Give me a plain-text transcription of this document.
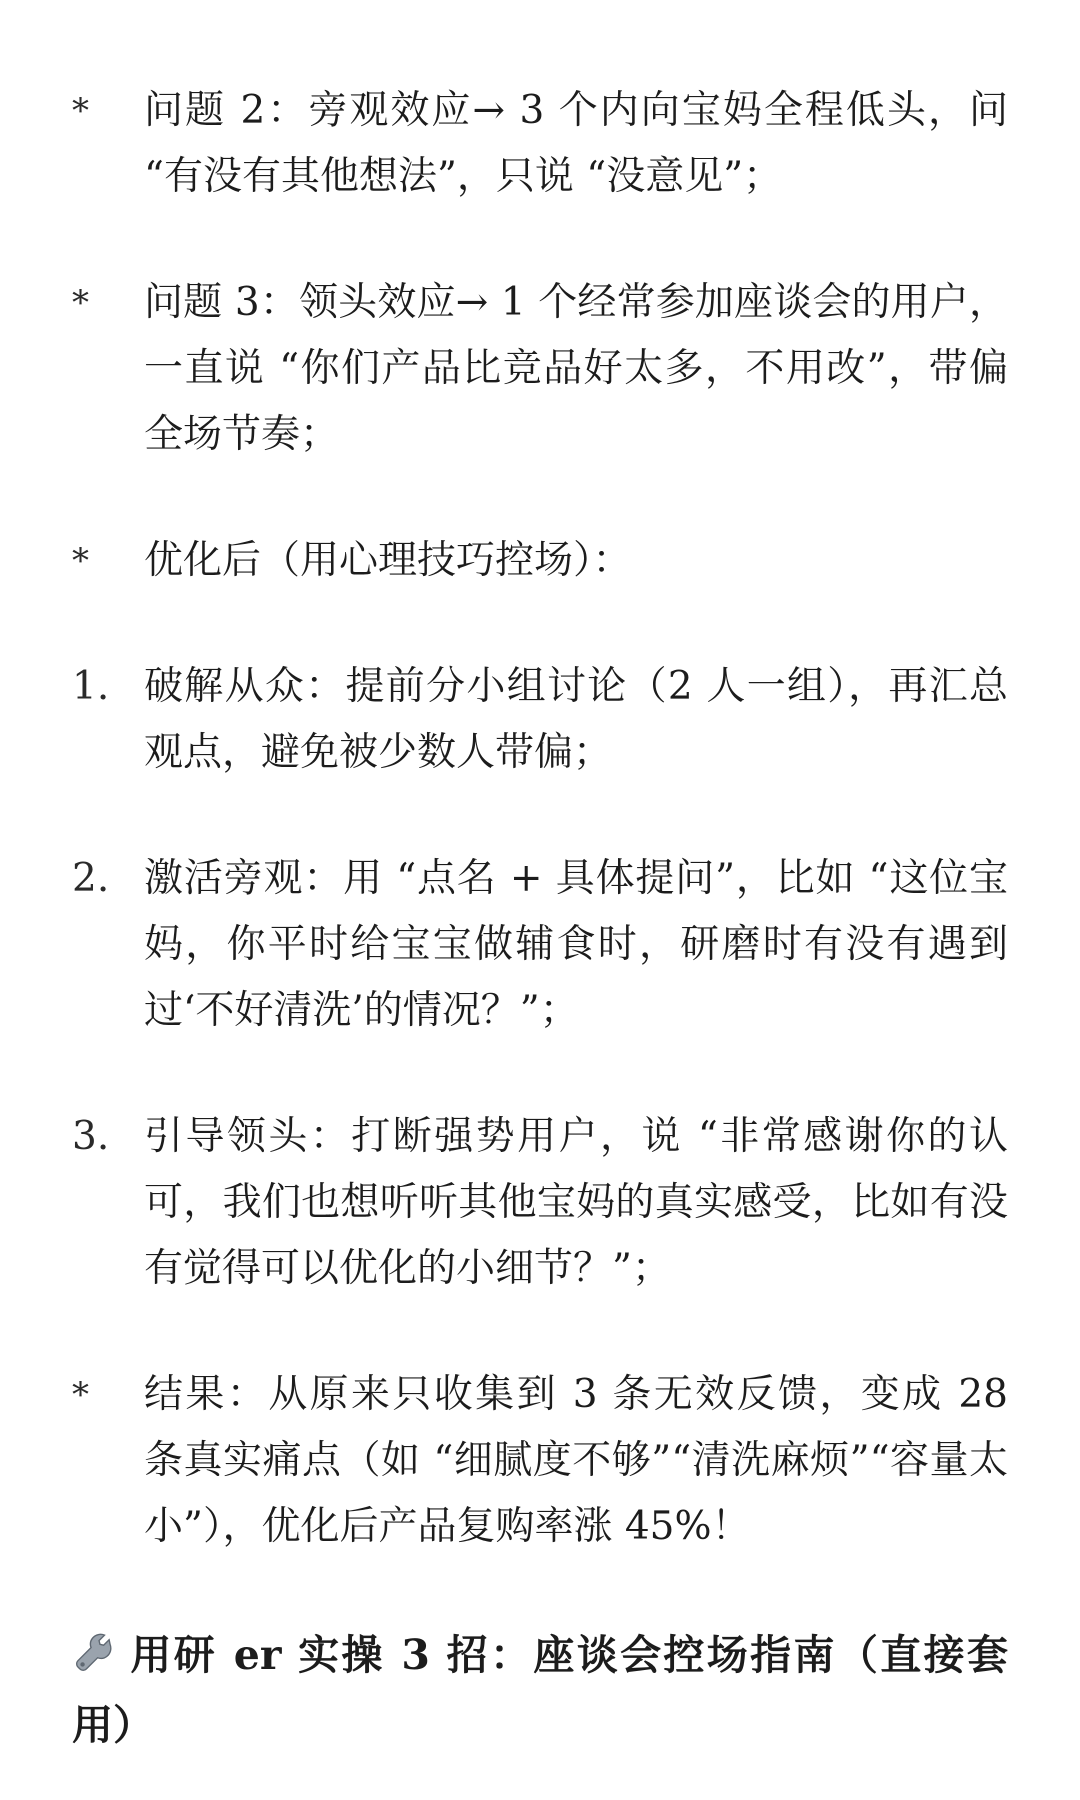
*	问题 2：旁观效应→ 3 个内向宝妈全程低头，问 “有没有其他想法”，只说 “没意见”；
*	问题 3：领头效应→ 1 个经常参加座谈会的用户，一直说 “你们产品比竞品好太多，不用改”，带偏全场节奏；
*	优化后（用心理技巧控场）：
1. 破解从众：提前分小组讨论（2 人一组），再汇总观点，避免被少数人带偏；
2. 激活旁观：用 “点名 + 具体提问”，比如 “这位宝妈，你平时给宝宝做辅食时，研磨时有没有遇到过‘不好清洗’的情况？”；
3. 引导领头：打断强势用户，说 “非常感谢你的认可，我们也想听听其他宝妈的真实感受，比如有没有觉得可以优化的小细节？”；
*	结果：从原来只收集到 3 条无效反馈，变成 28 条真实痛点（如 “细腻度不够”“清洗麻烦”“容量太小”），优化后产品复购率涨 45%！
用研 er 实操 3 招：座谈会控场指南（直接套用）
